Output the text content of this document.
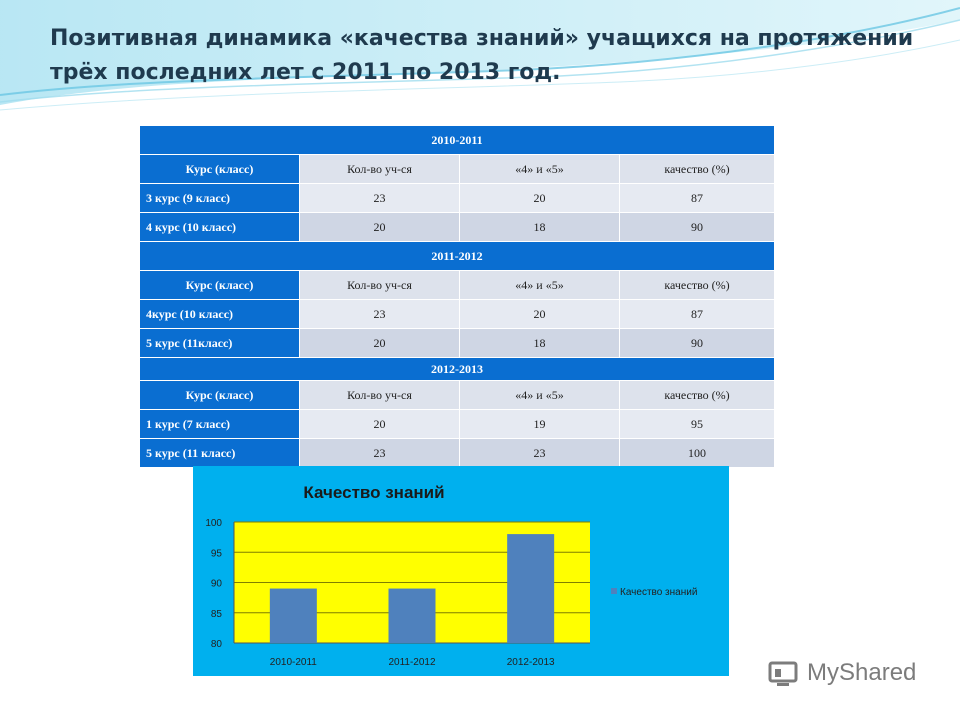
Позитивная динамика «качества знаний» учащихся на протяжении
трёх последних лет с 2011 по 2013 год.
2010-2011			
Курс (класс)	Кол-во уч-ся	«4» и «5»	качество (%)
3 курс (9 класс)	23	20	87
4 курс (10 класс)	20	18	90
2011-2012			
Курс (класс)	Кол-во уч-ся	«4» и «5»	качество (%)
4курс (10 класс)	23	20	87
5 курс (11класс)	20	18	90
2012-2013			
Курс (класс)	Кол-во уч-ся	«4» и «5»	качество (%)
1 курс (7 класс)	20	19	95
5 курс (11 класс)	23	23	100
Качество знаний
80
85
90
95
100
2010-2011	2011-2012	2012-2013
Качество знаний
MyShared
